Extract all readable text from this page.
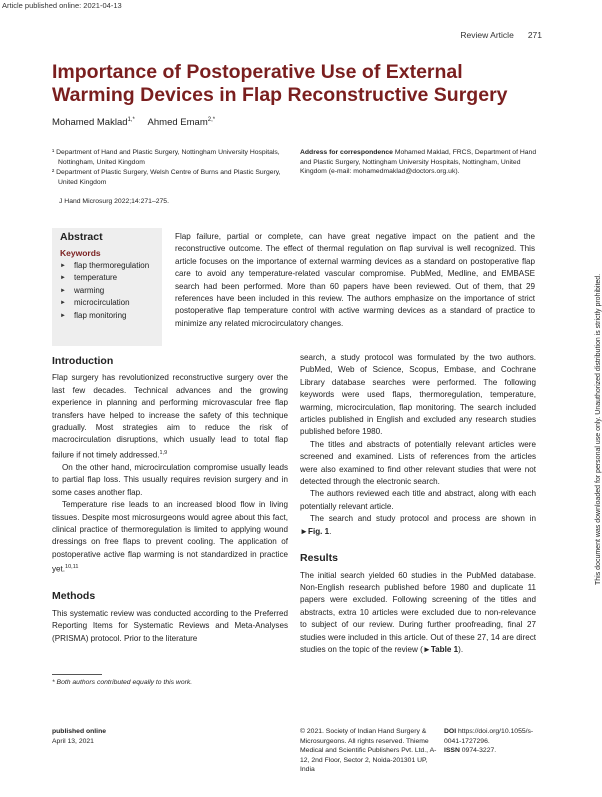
Article published online: 2021-04-13
Review Article 271
Importance of Postoperative Use of External Warming Devices in Flap Reconstructive Surgery
Mohamed Maklad$^{1,*}$ Ahmed Emam$^{2,*}$

¹ Department of Hand and Plastic Surgery, Nottingham University Hospitals, Nottingham, United Kingdom

² Department of Plastic Surgery, Welsh Centre of Burns and Plastic Surgery, United Kingdom

Address for correspondence Mohamed Maklad, FRCS, Department of Hand and Plastic Surgery, Nottingham University Hospitals, Nottingham, United Kingdom (e-mail: mohamedmaklad@doctors.org.uk).
J Hand Microsurg 2022;14:271–275.
Abstract
Keywords
► flap thermoregulation
► temperature
► warming
► microcirculation
► flap monitoring

Flap failure, partial or complete, can have great negative impact on the patient and the reconstructive outcome. The effect of thermal regulation on flap survival is well recognized. This article focuses on the importance of external warming devices as a standard on postoperative flap care to avoid any temperature-related vascular compromise. PubMed, Medline, and EMBASE search had been performed. More than 60 papers have been reviewed. Out of them, that 29 references have been included in this review. The authors emphasize on the importance of strict postoperative flap temperature control with active warming devices as a standard of practice to minimize any related microcirculatory changes.

Introduction

Flap surgery has revolutionized reconstructive surgery over the last few decades. Technical advances and the growing experience in planning and performing microvascular free flap transfers have helped to increase the safety of this technique gradually. Most strategies aim to reduce the risk of macrocirculation disruptions, which usually lead to total flap failure if not timely addressed.$^{1,9}$

On the other hand, microcirculation compromise usually leads to partial flap loss. This usually requires revision surgery and in some cases another flap.

Temperature rise leads to an increased blood flow in living tissues. Despite most microsurgeons would agree about this fact, clinical practice of thermoregulation is limited to applying wound dressings on free flaps to prevent cooling. The application of postoperative active flap warming is not standardized in practice yet.$^{10,11}$

Methods

This systematic review was conducted according to the Preferred Reporting Items for Systematic Reviews and Meta-Analyses (PRISMA) protocol. Prior to the literature

search, a study protocol was formulated by the two authors. PubMed, Web of Science, Scopus, Embase, and Cochrane Library database searches were performed. The following keywords were used flaps, thermoregulation, temperature, warming, microcirculation, flap monitoring. The search included articles published in English and excluded any research studies published before 1980.

The titles and abstracts of potentially relevant articles were screened and examined. Lists of references from the articles were also examined to find other relevant studies that were not detected through the electronic search.

The authors reviewed each title and abstract, along with each potentially relevant article.

The search and study protocol and process are shown in ►Fig. 1.

Results

The initial search yielded 60 studies in the PubMed database. Non-English research published before 1980 and duplicate 11 papers were excluded. Following screening of the titles and abstracts, extra 10 articles were excluded due to non-relevance to subject of our review. During further proofreading, final 27 studies were included in this article. Out of these 27, 14 are direct studies on the topic of the review (►Table 1).

* Both authors contributed equally to this work.
published online
April 13, 2021
© 2021. Society of Indian Hand Surgery & Microsurgeons. All rights reserved. Thieme Medical and Scientific Publishers Pvt. Ltd., A-12, 2nd Floor, Sector 2, Noida-201301 UP, India
DOI https://doi.org/10.1055/s-0041-1727296.
ISSN 0974-3227.
This document was downloaded for personal use only. Unauthorized distribution is strictly prohibited.
